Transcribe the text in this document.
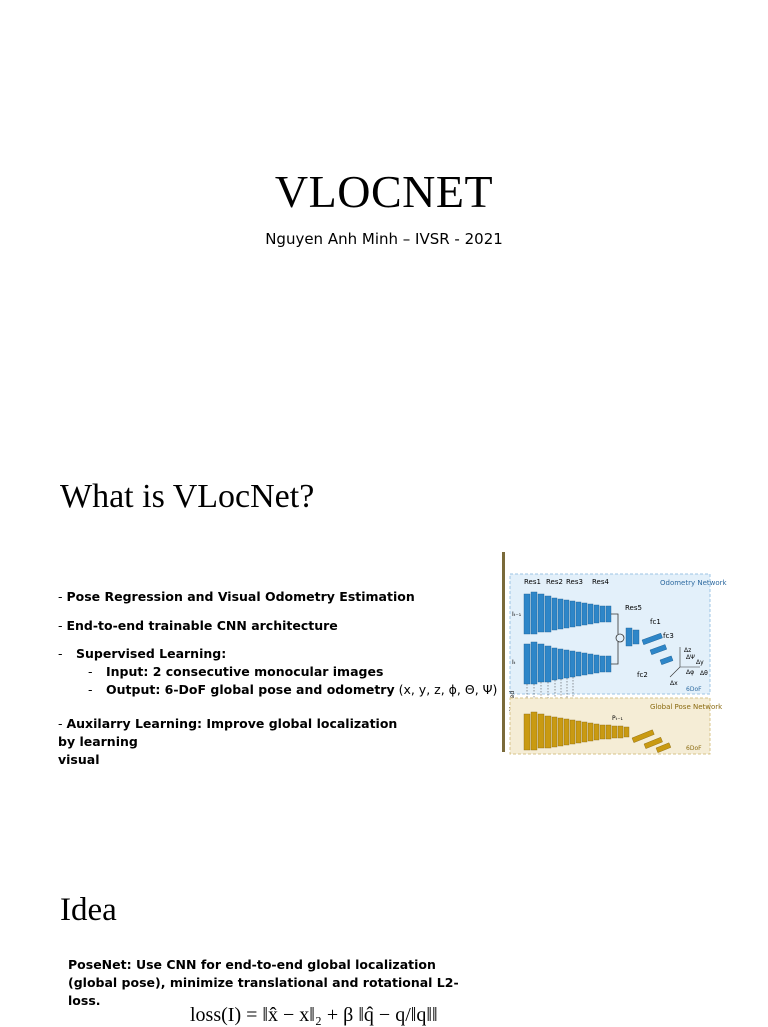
VLOCNET
Nguyen Anh Minh – IVSR - 2021
What is VLocNet?
- Pose Regression and Visual Odometry Estimation
- End-to-end trainable CNN architecture
- Supervised Learning:
- Input: 2 consecutive monocular images
- Output: 6-DoF global pose and odometry (x, y, z, ϕ, Θ, Ψ)
- Auxilarry Learning: Improve global localization by learning
visual
Odometry Network
Res1 Res2 Res3 Res4
Res5
fc1
fc3
fc2
Δz
Δy
Δx
Δφ Δθ
ΔΨ
6DoF
Iₜ₋₁
Iₜ
Global Pose Network
Pₜ₋₁
6DoF
Idea
PoseNet: Use CNN for end-to-end global localization (global pose), minimize translational and rotational L2- loss.
loss(I) = ‖x̂ − x‖₂ + β ‖q̂ − q/‖q‖‖
